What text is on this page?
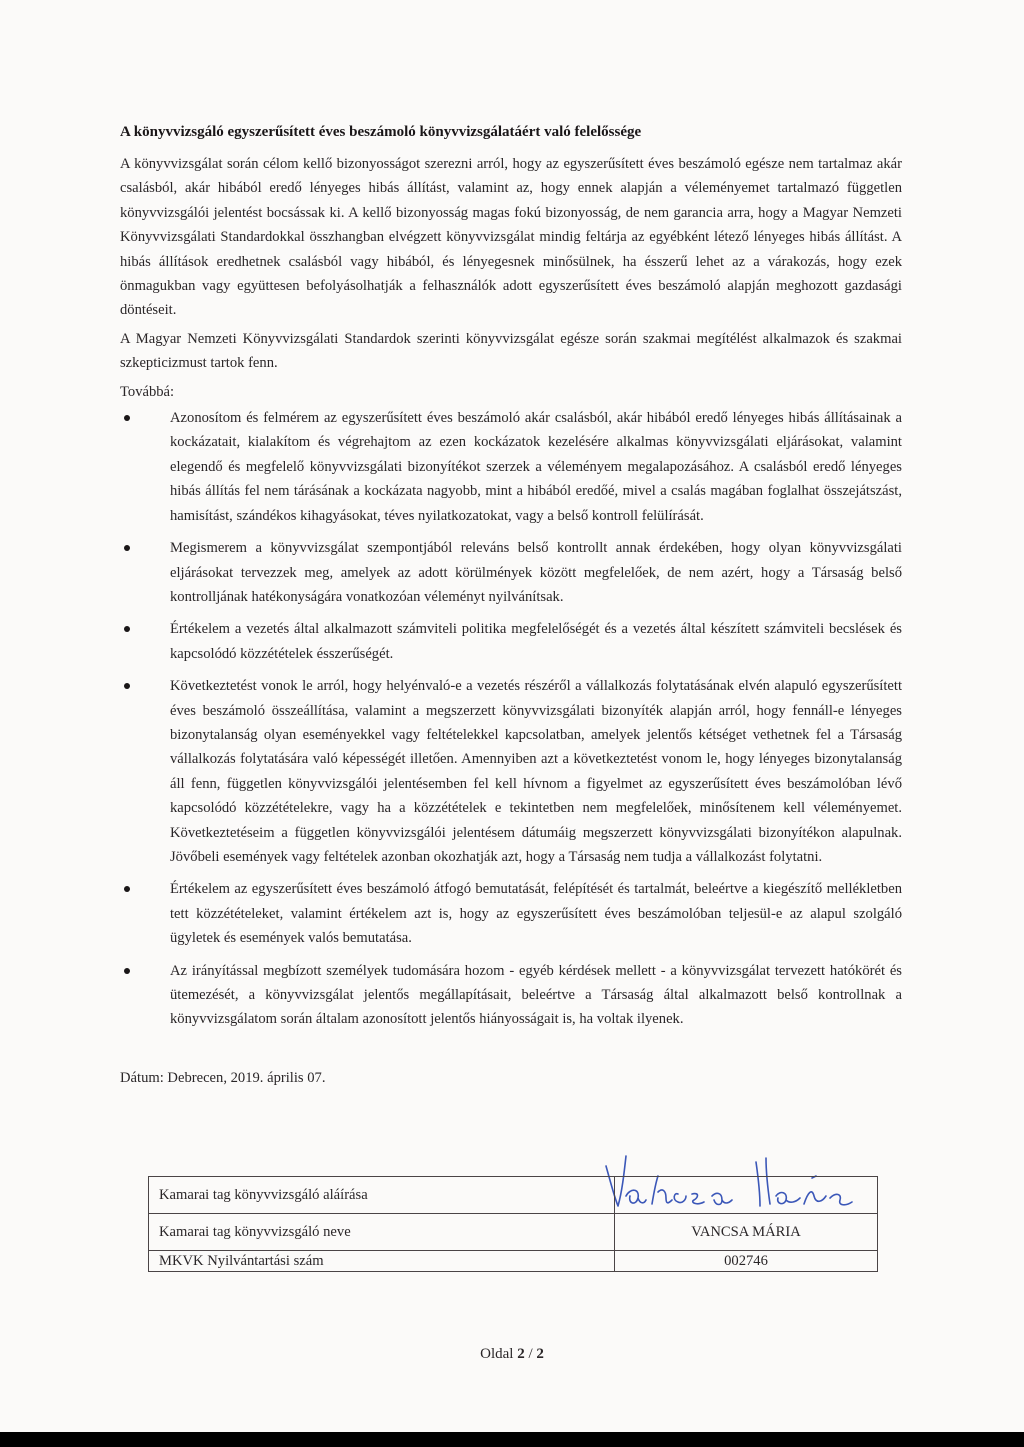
A könyvvizsgáló egyszerűsített éves beszámoló könyvvizsgálatáért való felelőssége

A könyvvizsgálat során célom kellő bizonyosságot szerezni arról, hogy az egyszerűsített éves beszámoló egésze nem tartalmaz akár csalásból, akár hibából eredő lényeges hibás állítást, valamint az, hogy ennek alapján a véleményemet tartalmazó független könyvvizsgálói jelentést bocsássak ki. A kellő bizonyosság magas fokú bizonyosság, de nem garancia arra, hogy a Magyar Nemzeti Könyvvizsgálati Standardokkal összhangban elvégzett könyvvizsgálat mindig feltárja az egyébként létező lényeges hibás állítást. A hibás állítások eredhetnek csalásból vagy hibából, és lényegesnek minősülnek, ha ésszerű lehet az a várakozás, hogy ezek önmagukban vagy együttesen befolyásolhatják a felhasználók adott egyszerűsített éves beszámoló alapján meghozott gazdasági döntéseit.

A Magyar Nemzeti Könyvvizsgálati Standardok szerinti könyvvizsgálat egésze során szakmai megítélést alkalmazok és szakmai szkepticizmust tartok fenn.

Továbbá:

Azonosítom és felmérem az egyszerűsített éves beszámoló akár csalásból, akár hibából eredő lényeges hibás állításainak a kockázatait, kialakítom és végrehajtom az ezen kockázatok kezelésére alkalmas könyvvizsgálati eljárásokat, valamint elegendő és megfelelő könyvvizsgálati bizonyítékot szerzek a véleményem megalapozásához. A csalásból eredő lényeges hibás állítás fel nem tárásának a kockázata nagyobb, mint a hibából eredőé, mivel a csalás magában foglalhat összejátszást, hamisítást, szándékos kihagyásokat, téves nyilatkozatokat, vagy a belső kontroll felülírását.
Megismerem a könyvvizsgálat szempontjából releváns belső kontrollt annak érdekében, hogy olyan könyvvizsgálati eljárásokat tervezzek meg, amelyek az adott körülmények között megfelelőek, de nem azért, hogy a Társaság belső kontrolljának hatékonyságára vonatkozóan véleményt nyilvánítsak.
Értékelem a vezetés által alkalmazott számviteli politika megfelelőségét és a vezetés által készített számviteli becslések és kapcsolódó közzétételek ésszerűségét.
Következtetést vonok le arról, hogy helyénvaló-e a vezetés részéről a vállalkozás folytatásának elvén alapuló egyszerűsített éves beszámoló összeállítása, valamint a megszerzett könyvvizsgálati bizonyíték alapján arról, hogy fennáll-e lényeges bizonytalanság olyan eseményekkel vagy feltételekkel kapcsolatban, amelyek jelentős kétséget vethetnek fel a Társaság vállalkozás folytatására való képességét illetően. Amennyiben azt a következtetést vonom le, hogy lényeges bizonytalanság áll fenn, független könyvvizsgálói jelentésemben fel kell hívnom a figyelmet az egyszerűsített éves beszámolóban lévő kapcsolódó közzétételekre, vagy ha a közzétételek e tekintetben nem megfelelőek, minősítenem kell véleményemet. Következtetéseim a független könyvvizsgálói jelentésem dátumáig megszerzett könyvvizsgálati bizonyítékon alapulnak. Jövőbeli események vagy feltételek azonban okozhatják azt, hogy a Társaság nem tudja a vállalkozást folytatni.
Értékelem az egyszerűsített éves beszámoló átfogó bemutatását, felépítését és tartalmát, beleértve a kiegészítő mellékletben tett közzétételeket, valamint értékelem azt is, hogy az egyszerűsített éves beszámolóban teljesül-e az alapul szolgáló ügyletek és események valós bemutatása.
Az irányítással megbízott személyek tudomására hozom - egyéb kérdések mellett - a könyvvizsgálat tervezett hatókörét és ütemezését, a könyvvizsgálat jelentős megállapításait, beleértve a Társaság által alkalmazott belső kontrollnak a könyvvizsgálatom során általam azonosított jelentős hiányosságait is, ha voltak ilyenek.

Dátum: Debrecen, 2019. április 07.

Kamarai tag könyvvizsgáló aláírása	
Kamarai tag könyvvizsgáló neve	VANCSA MÁRIA
MKVK Nyilvántartási szám	002746
Oldal 2 / 2
